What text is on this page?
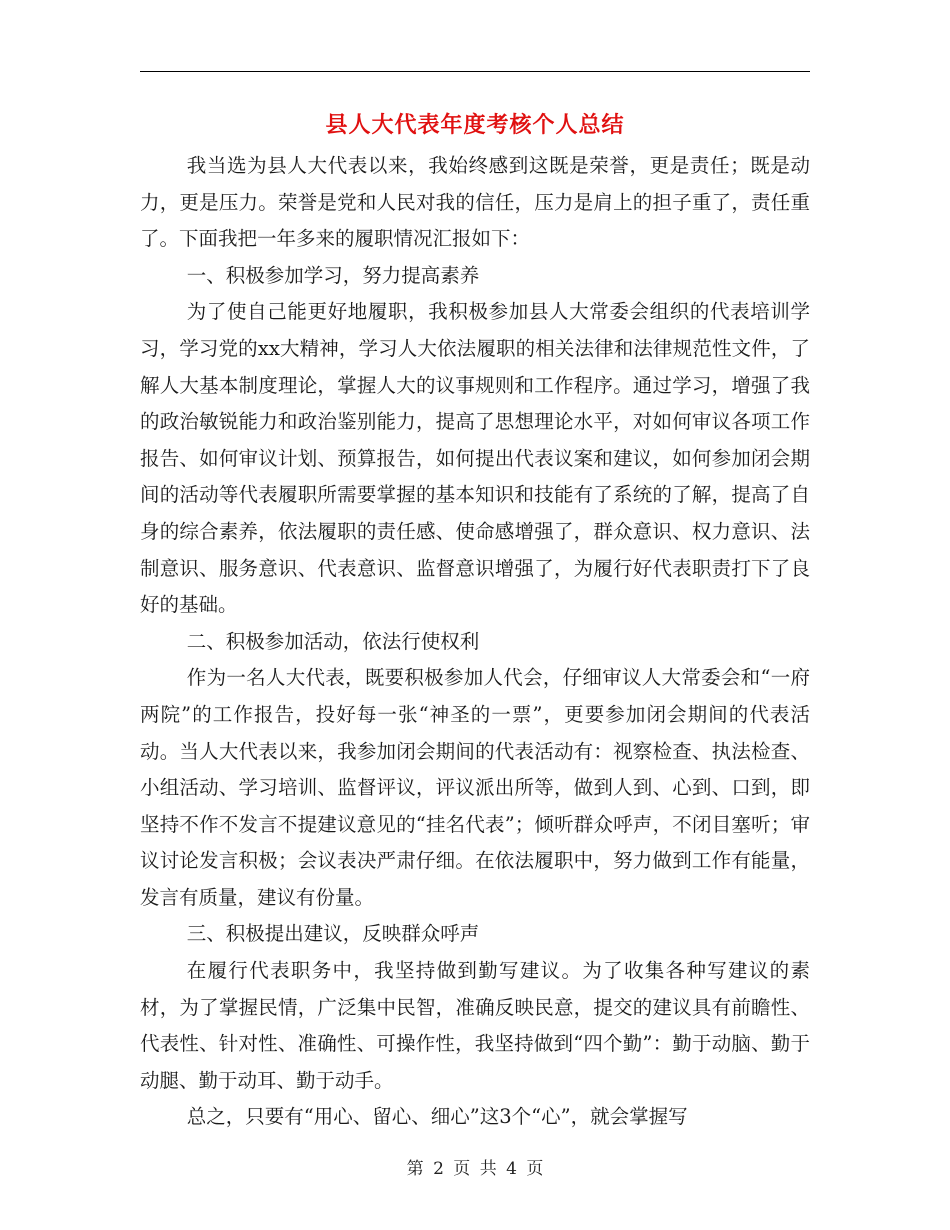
县人大代表年度考核个人总结

我当选为县人大代表以来，我始终感到这既是荣誉，更是责任；既是动力，更是压力。荣誉是党和人民对我的信任，压力是肩上的担子重了，责任重了。下面我把一年多来的履职情况汇报如下：

一、积极参加学习，努力提高素养

为了使自己能更好地履职，我积极参加县人大常委会组织的代表培训学习，学习党的xx大精神，学习人大依法履职的相关法律和法律规范性文件，了解人大基本制度理论，掌握人大的议事规则和工作程序。通过学习，增强了我的政治敏锐能力和政治鉴别能力，提高了思想理论水平，对如何审议各项工作报告、如何审议计划、预算报告，如何提出代表议案和建议，如何参加闭会期间的活动等代表履职所需要掌握的基本知识和技能有了系统的了解，提高了自身的综合素养，依法履职的责任感、使命感增强了，群众意识、权力意识、法制意识、服务意识、代表意识、监督意识增强了，为履行好代表职责打下了良好的基础。

二、积极参加活动，依法行使权利

作为一名人大代表，既要积极参加人代会，仔细审议人大常委会和“一府两院”的工作报告，投好每一张“神圣的一票”，更要参加闭会期间的代表活动。当人大代表以来，我参加闭会期间的代表活动有：视察检查、执法检查、小组活动、学习培训、监督评议，评议派出所等，做到人到、心到、口到，即坚持不作不发言不提建议意见的“挂名代表”；倾听群众呼声，不闭目塞听；审议讨论发言积极；会议表决严肃仔细。在依法履职中，努力做到工作有能量，发言有质量，建议有份量。

三、积极提出建议，反映群众呼声

在履行代表职务中，我坚持做到勤写建议。为了收集各种写建议的素材，为了掌握民情，广泛集中民智，准确反映民意，提交的建议具有前瞻性、代表性、针对性、准确性、可操作性，我坚持做到“四个勤”：勤于动脑、勤于动腿、勤于动耳、勤于动手。

总之，只要有“用心、留心、细心”这3个“心”，就会掌握写

第 2 页 共 4 页
